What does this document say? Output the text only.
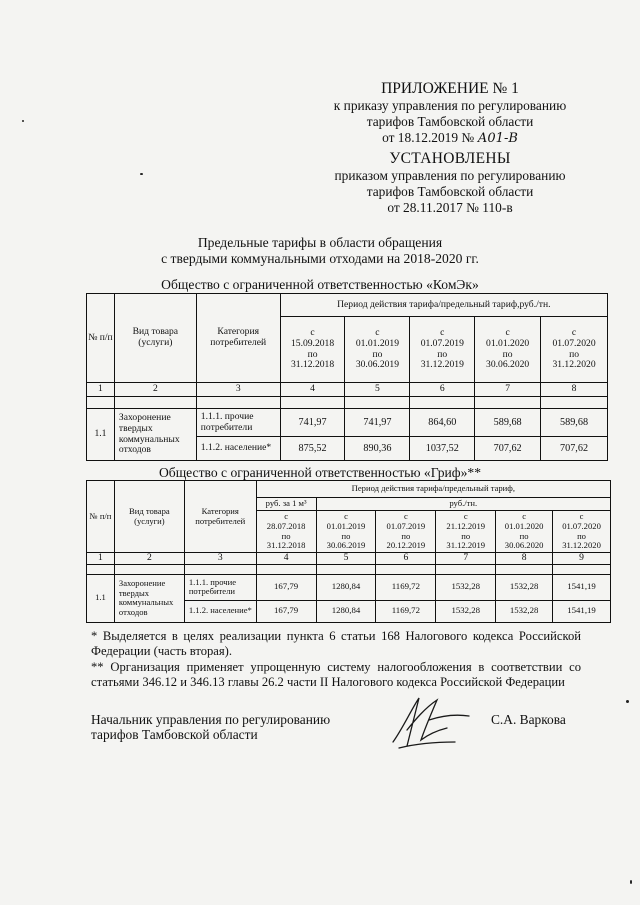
ПРИЛОЖЕНИЕ № 1
к приказу управления по регулированию
тарифов Тамбовской области
от 18.12.2019 № А01-В
УСТАНОВЛЕНЫ
приказом управления по регулированию
тарифов Тамбовской области
от 28.11.2017 № 110-в
Предельные тарифы в области обращения
с твердыми коммунальными отходами на 2018-2020 гг.
Общество с ограниченной ответственностью «КомЭк»
№ п/п	Вид товара (услуги)	Категория потребителей	Период действия тарифа/предельный тариф,руб./тн.				
			с
15.09.2018
по
31.12.2018	с
01.01.2019
по
30.06.2019	с
01.07.2019
по
31.12.2019	с
01.01.2020
по
30.06.2020	с
01.07.2020
по
31.12.2020
1	2	3	4	5	6	7	8

1.1	Захоронение твердых коммунальных отходов	1.1.1. прочие потребители	741,97	741,97	864,60	589,68	589,68
		1.1.2. население*	875,52	890,36	1037,52	707,62	707,62
Общество с ограниченной ответственностью «Гриф»**
№ п/п	Вид товара (услуги)	Категория потребителей	Период действия тарифа/предельный тариф,					
			руб. за 1 м³	руб./тн.				
			с
28.07.2018
по
31.12.2018	с
01.01.2019
по
30.06.2019	с
01.07.2019
по
20.12.2019	с
21.12.2019
по
31.12.2019	с
01.01.2020
по
30.06.2020	с
01.07.2020
по
31.12.2020
1	2	3	4	5	6	7	8	9

1.1	Захоронение твердых коммунальных отходов	1.1.1. прочие потребители	167,79	1280,84	1169,72	1532,28	1532,28	1541,19
		1.1.2. население*	167,79	1280,84	1169,72	1532,28	1532,28	1541,19

* Выделяется в целях реализации пункта 6 статьи 168 Налогового кодекса Российской Федерации (часть вторая).

** Организация применяет упрощенную систему налогообложения в соответствии со статьями 346.12 и 346.13 главы 26.2 части II Налогового кодекса Российской Федерации

Начальник управления по регулированию
тарифов Тамбовской области
С.А. Варкова
